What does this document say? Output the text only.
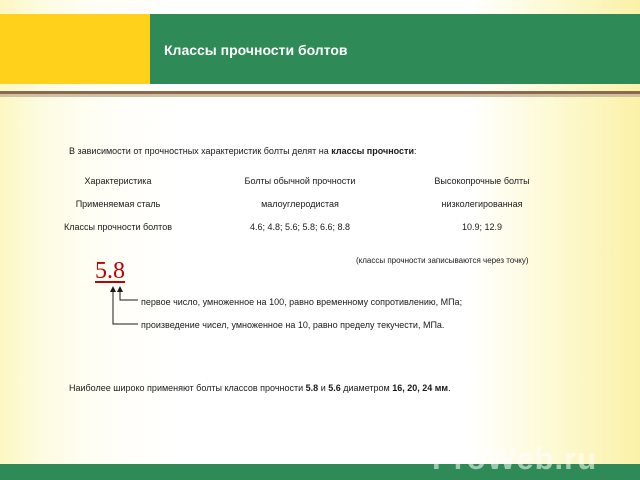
Классы прочности болтов
В зависимости от прочностных характеристик болты делят на классы прочности:
Характеристика	Болты обычной прочности	Высокопрочные болты
Применяемая сталь	малоуглеродистая	низколегированная
Классы прочности болтов	4.6; 4.8; 5.6; 5.8; 6.6; 8.8	10.9; 12.9
5.8	(классы прочности записываются через точку)
первое число, умноженное на 100, равно временному сопротивлению, МПа;
произведение чисел, умноженное на 10, равно пределу текучести, МПа.
Наиболее широко применяют болты классов прочности 5.8 и 5.6 диаметром 16, 20, 24 мм.
ProWeb.ru
